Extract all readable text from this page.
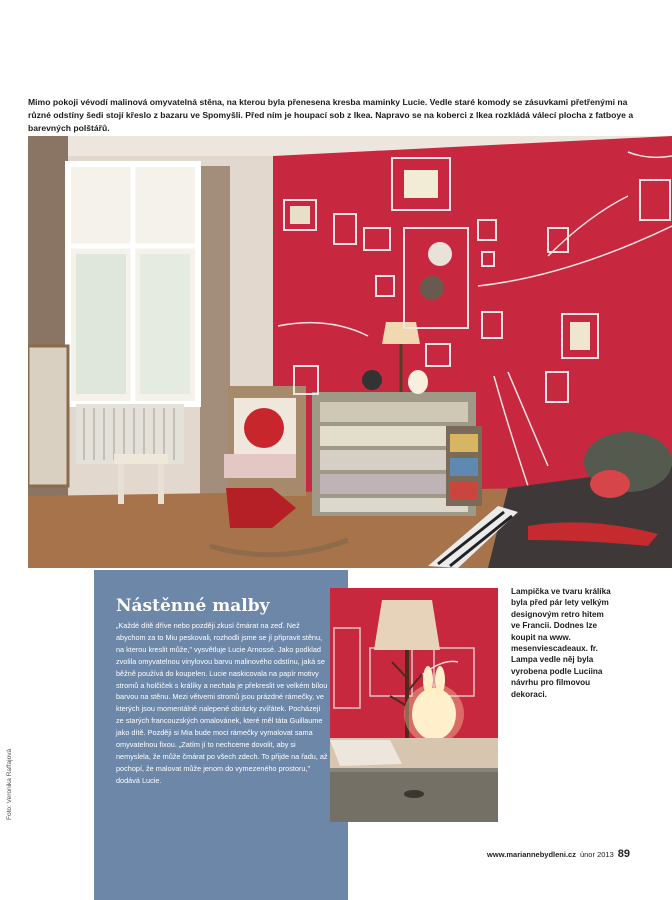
Mimo pokoji vévodí malinová omyvatelná stěna, na kterou byla přenesena kresba maminky Lucie. Vedle staré komody se zásuvkami přetřenými na různé odstíny šedi stojí křeslo z bazaru ve Spomyšli. Před ním je houpací sob z Ikea. Napravo se na koberci z Ikea rozkládá válecí plocha z fatboye a barevných polštářů.
Nástěnné malby
„Každé dítě dříve nebo později zkusí čmárat na zeď. Než abychom za to Miu peskovali, rozhodli jsme se jí připravit stěnu, na kterou kreslit může," vysvětluje Lucie Arnossé. Jako podklad zvolila omyvatelnou vinylovou barvu malinového odstínu, jaká se běžně používá do koupelen. Lucie naskicovala na papír motivy stromů a holčiček s králíky a nechala je překreslit ve velkém bílou barvou na stěnu. Mezi větvemi stromů jsou prázdné rámečky, ve kterých jsou momentálně nalepené obrázky zvířátek. Pocházejí ze starých francouzských omalovánek, které měl táta Guillaume jako dítě. Později si Mia bude moci rámečky vymalovat sama omyvatelnou fixou. „Zatím jí to nechceme dovolit, aby si nemyslela, že může čmárat po všech zdech. To přijde na řadu, až pochopí, že malovat může jenom do vymezeného prostoru," dodává Lucie.
Lampička ve tvaru králíka byla před pár lety velkým designovým retro hitem ve Francii. Dodnes lze koupit na www. mesenviescadeaux. fr. Lampa vedle něj byla vyrobena podle Luciina návrhu pro filmovou dekoraci.
Foto: Veronika Raffajová
www.mariannebydleni.cz únor 2013 89
